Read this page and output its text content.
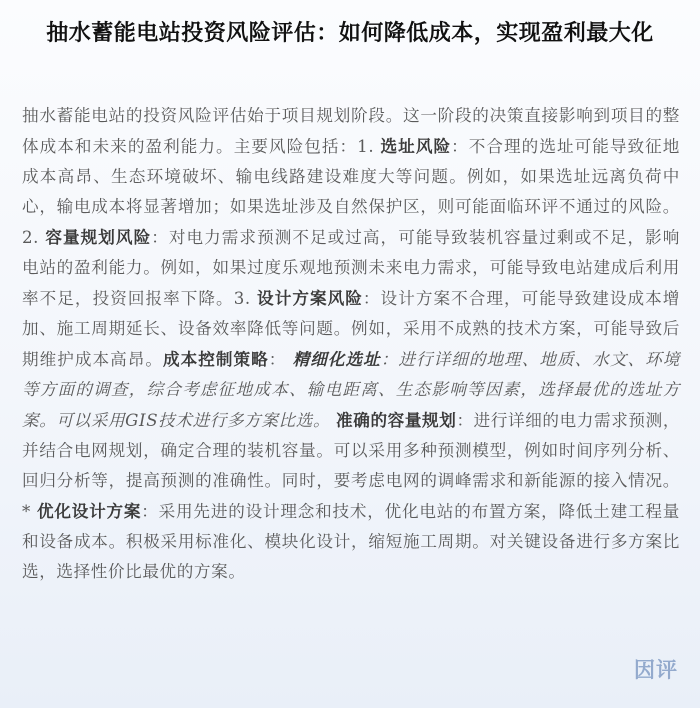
抽水蓄能电站投资风险评估：如何降低成本，实现盈利最大化

抽水蓄能电站的投资风险评估始于项目规划阶段。这一阶段的决策直接影响到项目的整体成本和未来的盈利能力。主要风险包括：1. 选址风险：不合理的选址可能导致征地成本高昂、生态环境破坏、输电线路建设难度大等问题。例如，如果选址远离负荷中心，输电成本将显著增加；如果选址涉及自然保护区，则可能面临环评不通过的风险。2. 容量规划风险：对电力需求预测不足或过高，可能导致装机容量过剩或不足，影响电站的盈利能力。例如，如果过度乐观地预测未来电力需求，可能导致电站建成后利用率不足，投资回报率下降。3. 设计方案风险：设计方案不合理，可能导致建设成本增加、施工周期延长、设备效率降低等问题。例如，采用不成熟的技术方案，可能导致后期维护成本高昂。成本控制策略： 精细化选址：进行详细的地理、地质、水文、环境等方面的调查，综合考虑征地成本、输电距离、生态影响等因素，选择最优的选址方案。可以采用GIS技术进行多方案比选。 准确的容量规划：进行详细的电力需求预测，并结合电网规划，确定合理的装机容量。可以采用多种预测模型，例如时间序列分析、回归分析等，提高预测的准确性。同时，要考虑电网的调峰需求和新能源的接入情况。* 优化设计方案：采用先进的设计理念和技术，优化电站的布置方案，降低土建工程量和设备成本。积极采用标准化、模块化设计，缩短施工周期。对关键设备进行多方案比选，选择性价比最优的方案。

因评
